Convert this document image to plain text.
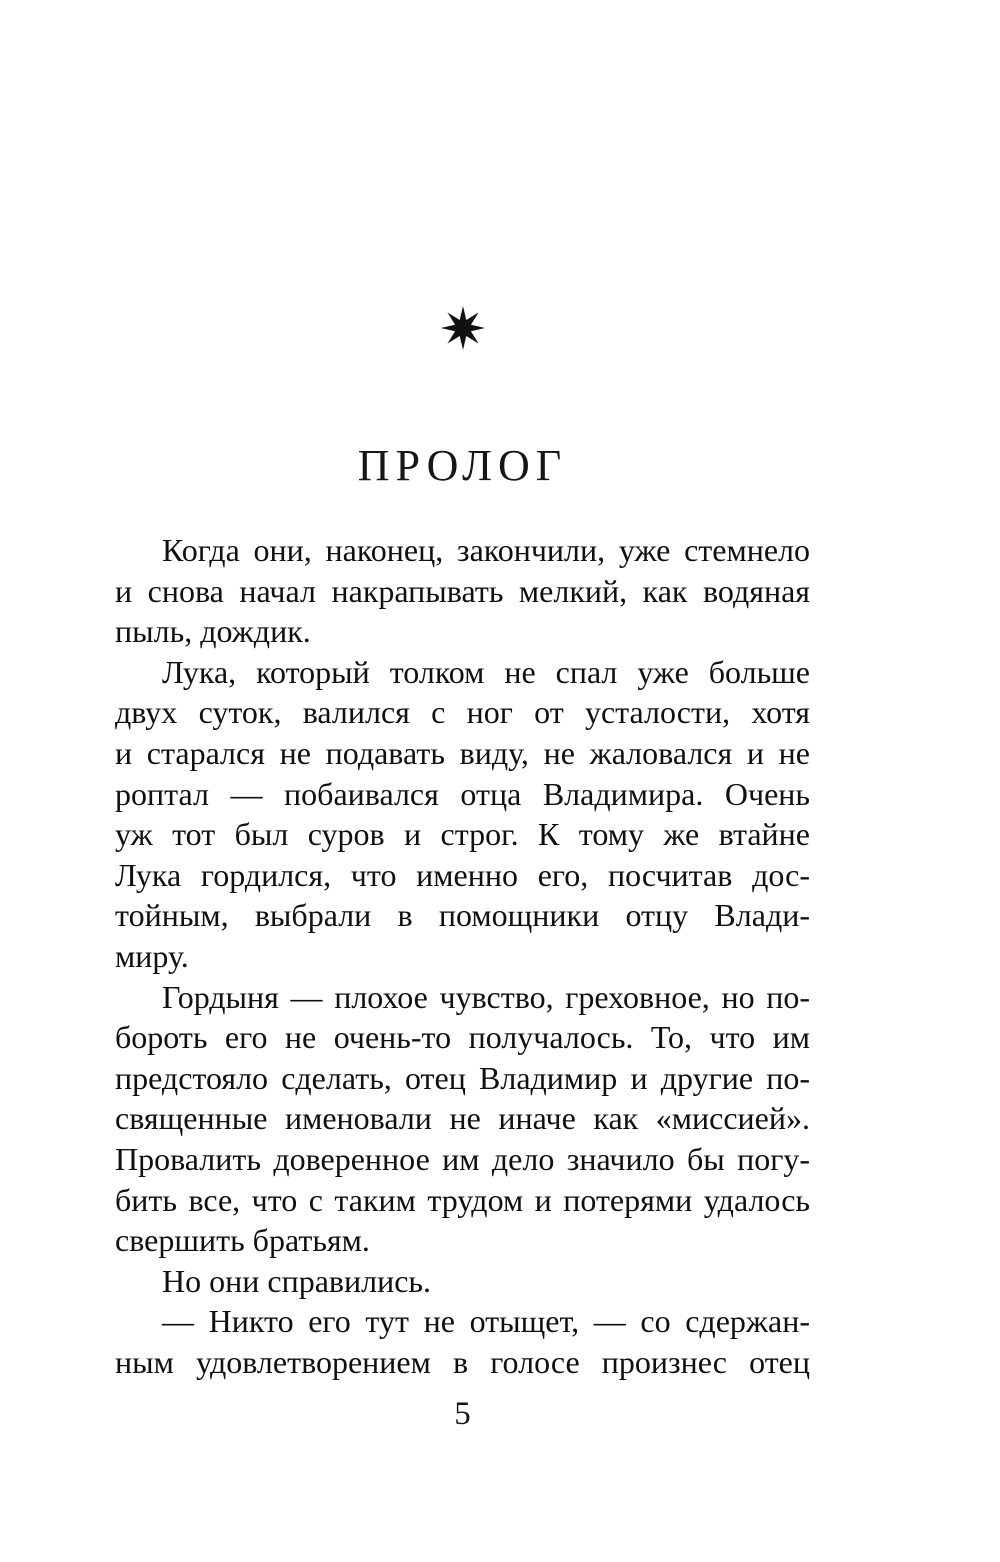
ПРОЛОГ
Когда они, наконец, закончили, уже стемнело
и снова начал накрапывать мелкий, как водяная
пыль, дождик.
Лука, который толком не спал уже больше
двух суток, валился с ног от усталости, хотя
и старался не подавать виду, не жаловался и не
роптал — побаивался отца Владимира. Очень
уж тот был суров и строг. К тому же втайне
Лука гордился, что именно его, посчитав дос-
тойным, выбрали в помощники отцу Влади-
миру.
Гордыня — плохое чувство, греховное, но по-
бороть его не очень-то получалось. То, что им
предстояло сделать, отец Владимир и другие по-
священные именовали не иначе как «миссией».
Провалить доверенное им дело значило бы погу-
бить все, что с таким трудом и потерями удалось
свершить братьям.
Но они справились.
— Никто его тут не отыщет, — со сдержан-
ным удовлетворением в голосе произнес отец
5
